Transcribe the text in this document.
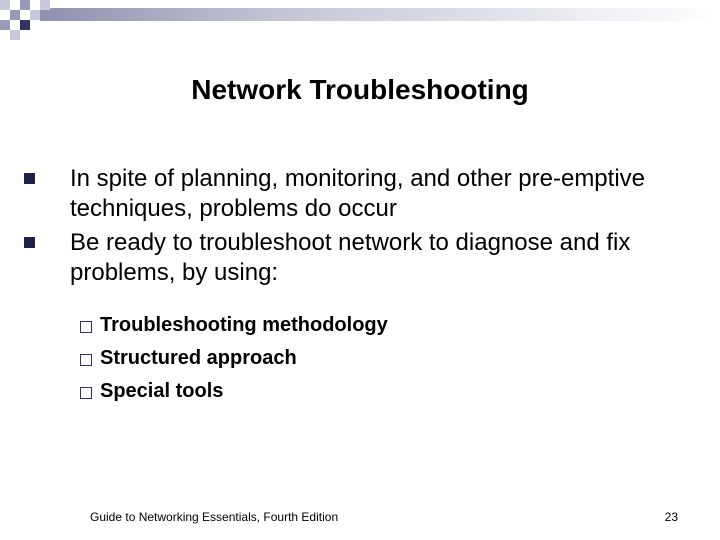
Network Troubleshooting
In spite of planning, monitoring, and other pre-emptive techniques, problems do occur
Be ready to troubleshoot network to diagnose and fix problems, by using:
Troubleshooting methodology
Structured approach
Special tools
Guide to Networking Essentials, Fourth Edition	23
